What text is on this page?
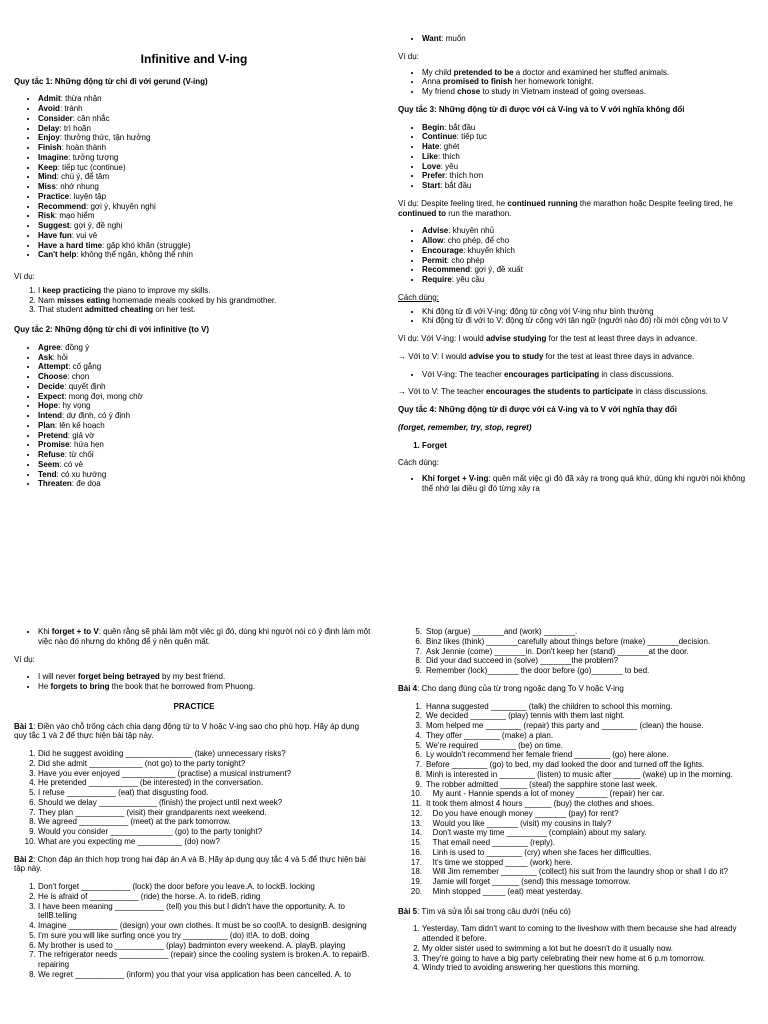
Infinitive and V-ing
Quy tắc 1: Những động từ chỉ đi với gerund (V-ing)
• Admit: thừa nhận
• Avoid: tránh
• Consider: cân nhắc
• Delay: trì hoãn
• Enjoy: thưởng thức, tận hưởng
• Finish: hoàn thành
• Imagine: tưởng tượng
• Keep: tiếp tục (continue)
• Mind: chú ý, để tâm
• Miss: nhớ nhung
• Practice: luyện tập
• Recommend: gợi ý, khuyên nghị
• Risk: mạo hiểm
• Suggest: gợi ý, đề nghị
• Have fun: vui vẻ
• Have a hard time: gặp khó khăn (struggle)
• Can't help: không thể ngăn, không thể nhịn
Ví dụ:
1. I keep practicing the piano to improve my skills.
2. Nam misses eating homemade meals cooked by his grandmother.
3. That student admitted cheating on her test.
Quy tắc 2: Những động từ chỉ đi với infinitive (to V)
• Agree: đồng ý
• Ask: hỏi
• Attempt: cố gắng
• Choose: chọn
• Decide: quyết định
• Expect: mong đợi, mong chờ
• Hope: hy vọng
• Intend: dự định, có ý định
• Plan: lên kế hoạch
• Pretend: giả vờ
• Promise: hứa hẹn
• Refuse: từ chối
• Seem: có vẻ
• Tend: có xu hướng
• Threaten: đe dọa
• Want: muốn
Ví dụ:
• My child pretended to be a doctor and examined her stuffed animals.
• Anna promised to finish her homework tonight.
• My friend chose to study in Vietnam instead of going overseas.
Quy tắc 3: Những động từ đi được với cả V-ing và to V với nghĩa không đổi
• Begin: bắt đầu
• Continue: tiếp tục
• Hate: ghét
• Like: thích
• Love: yêu
• Prefer: thích hơn
• Start: bắt đầu
Ví dụ: Despite feeling tired, he continued running the marathon hoặc Despite feeling tired, he continued to run the marathon.
• Advise: khuyên nhủ
• Allow: cho phép, để cho
• Encourage: khuyến khích
• Permit: cho phép
• Recommend: gợi ý, đề xuất
• Require: yêu cầu
Cách dùng:
• Khi động từ đi với V-ing: động từ cộng với V-ing như bình thường
• Khi động từ đi với to V: động từ cộng với tân ngữ (người nào đó) rồi mới cộng với to V
Ví dụ: Với V-ing: I would advise studying for the test at least three days in advance.
→ Với to V: I would advise you to study for the test at least three days in advance.
• Với V-ing: The teacher encourages participating in class discussions.
→ Với to V: The teacher encourages the students to participate in class discussions.
Quy tắc 4: Những động từ đi được với cả V-ing và to V với nghĩa thay đổi
(forget, remember, try, stop, regret)
1. Forget
Cách dùng:
• Khi forget + V-ing: quên mất việc gì đó đã xảy ra trong quá khứ, dùng khi người nói không thể nhớ lại điều gì đó từng xảy ra
• Khi forget + to V: quên rằng sẽ phải làm một việc gì đó, dùng khi người nói có ý định làm một việc nào đó nhưng do không để ý nên quên mất.
Ví dụ:
• I will never forget being betrayed by my best friend.
• He forgets to bring the book that he borrowed from Phuong.
PRACTICE
Bài 1: Điền vào chỗ trống cách chia dạng động từ to V hoặc V-ing sao cho phù hợp. Hãy áp dụng quy tắc 1 và 2 để thực hiện bài tập này.
1. Did he suggest avoiding _______________ (take) unnecessary risks?
2. Did she admit ____________ (not go) to the party tonight?
3. Have you ever enjoyed ____________ (practise) a musical instrument?
4. He pretended ___________ (be interested) in the conversation.
5. I refuse ___________ (eat) that disgusting food.
6. Should we delay _____________ (finish) the project until next week?
7. They plan ___________ (visit) their grandparents next weekend.
8. We agreed ___________ (meet) at the park tomorrow.
9. Would you consider ______________ (go) to the party tonight?
10. What are you expecting me __________ (do) now?
Bài 2: Chọn đáp án thích hợp trong hai đáp án A và B. Hãy áp dụng quy tắc 4 và 5 để thực hiện bài tập này.
1. Don't forget ___________ (lock) the door before you leave.A. to lockB. locking
2. He is afraid of ___________ (ride) the horse. A. to rideB. riding
3. I have been meaning ___________ (tell) you this but I didn't have the opportunity. A. to tellB.telling
4. Imagine ___________ (design) your own clothes. It must be so cool!A. to designB. designing
5. I'm sure you will like surfing once you try __________ (do) it!A. to doB. doing
6. My brother is used to ___________ (play) badminton every weekend. A. playB. playing
7. The refrigerator needs ___________ (repair) since the cooling system is broken.A. to repairB. repairing
8. We regret ___________ (inform) you that your visa application has been cancelled. A. to
5. Stop (argue) _______and (work) _______.
6. Binz likes (think) _______carefully about things before (make) _______decision.
7. Ask Jennie (come) _______in. Don't keep her (stand) _______at the door.
8. Did your dad succeed in (solve) _______the problem?
9. Remember (lock)_______ the door before (go)_______ to bed.
Bài 4: Cho dạng đúng của từ trong ngoặc dạng To V hoặc V-ing
1. Hanna suggested ________ (talk) the children to school this morning.
2. We decided ________ (play) tennis with them last night.
3. Mom helped me ________ (repair) this party and ________ (clean) the house.
4. They offer ________ (make) a plan.
5. We're required ________ (be) on time.
6. Ly wouldn't recommend her female friend ________ (go) here alone.
7. Before ________ (go) to bed, my dad looked the door and turned off the lights.
8. Minh is interested in ________ (listen) to music after ______ (wake) up in the morning.
9. The robber admitted ______ (steal) the sapphire stone last week.
10. My aunt - Hannie spends a lot of money _______ (repair) her car.
11. It took them almost 4 hours ______ (buy) the clothes and shoes.
12. Do you have enough money _______ (pay) for rent?
13. Would you like _______ (visit) my cousins in Italy?
14. Don't waste my time _________ (complain) about my salary.
15. That email need ________ (reply).
16. Linh is used to ________ (cry) when she faces her difficulties.
17. It's time we stopped _____ (work) here.
18. Will Jim remember ________ (collect) his suit from the laundry shop or shall I do it?
19. Jamie will forget ______ (send) this message tomorrow.
20. Minh stopped _____ (eat) meat yesterday.
Bài 5: Tìm và sửa lỗi sai trong câu dưới (nếu có)
1. Yesterday, Tam didn't want to coming to the liveshow with them because she had already attended it before.
2. My older sister used to swimming a lot but he doesn't do it usually now.
3. They're going to have a big party celebrating their new home at 6 p.m tomorrow.
4. Windy tried to avoiding answering her questions this morning.
